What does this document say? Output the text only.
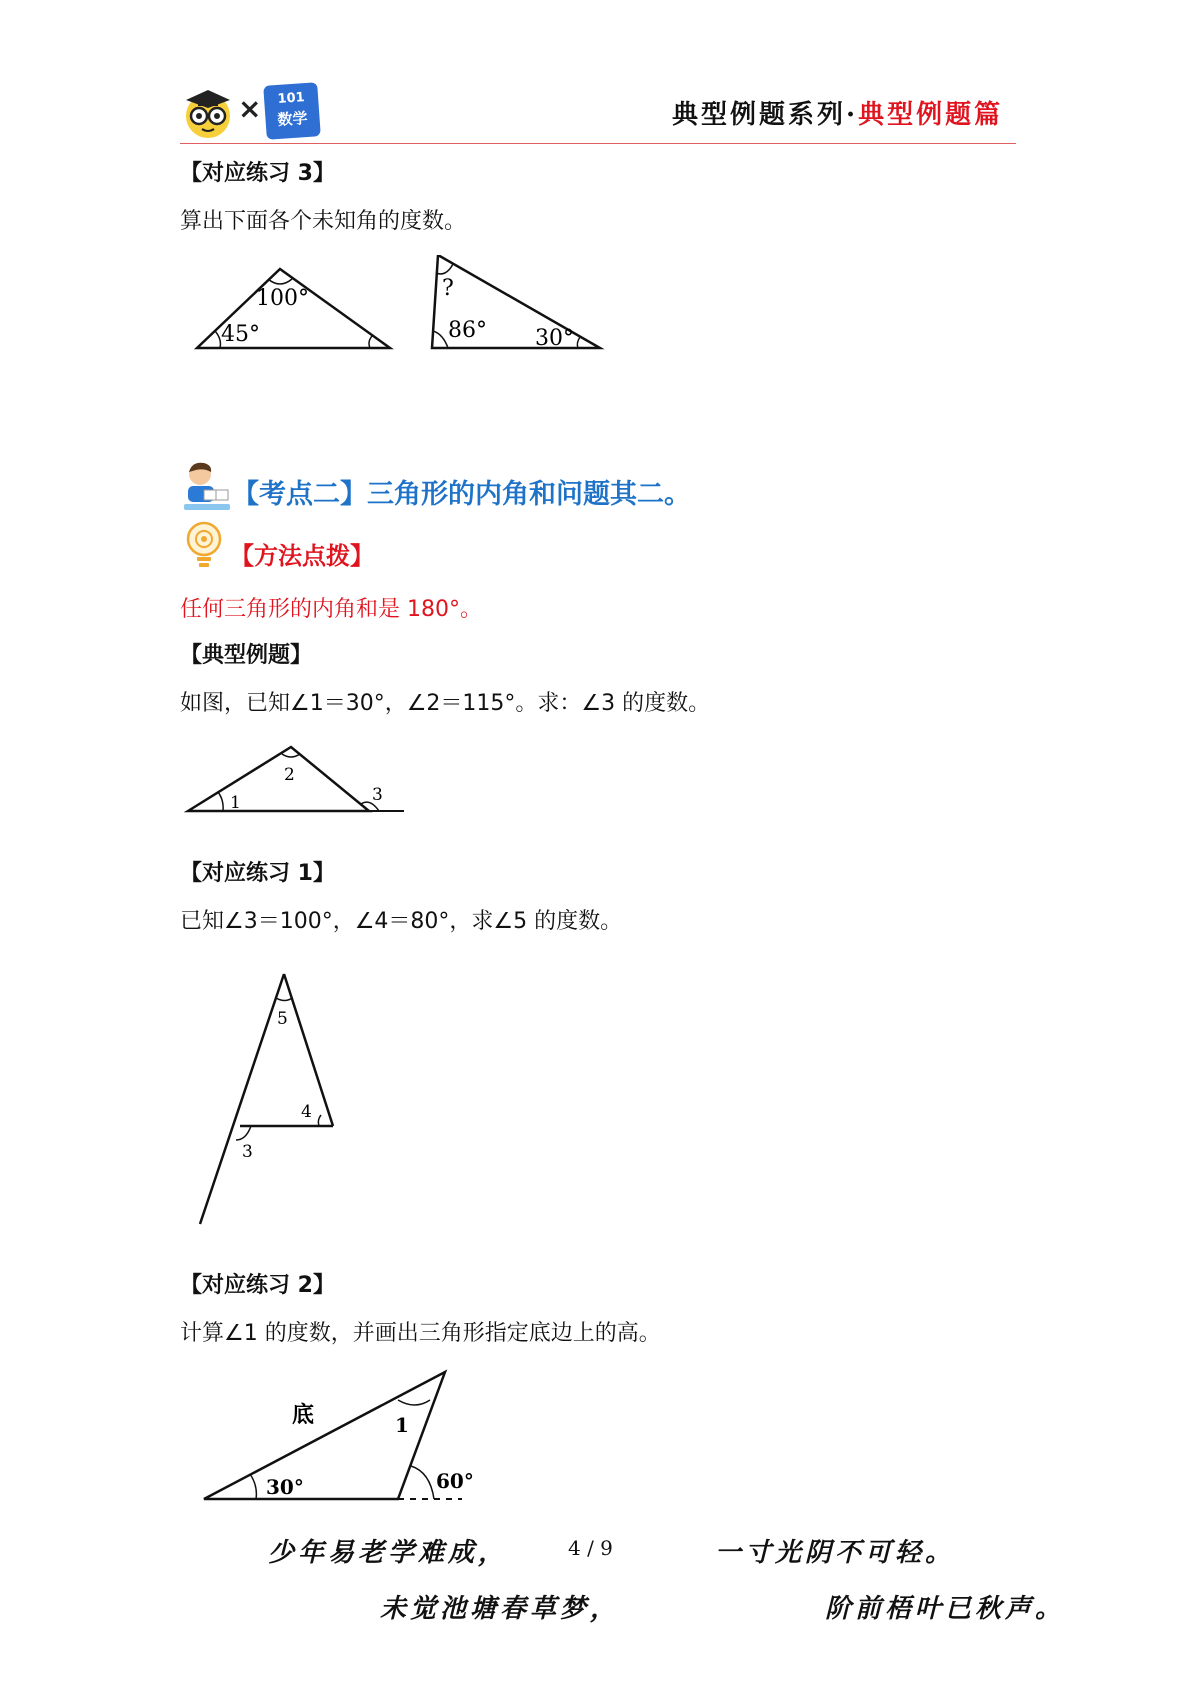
×	101
数学	典型例题系列·典型例题篇
【对应练习 3】
算出下面各个未知角的度数。
100°
45°
?
86° 30°
【考点二】三角形的内角和问题其二。
【方法点拨】
任何三角形的内角和是 180°。
【典型例题】
如图，已知∠1＝30°，∠2＝115°。求：∠3 的度数。
1
2
3
【对应练习 1】
已知∠3＝100°，∠4＝80°，求∠5 的度数。
5
4
3
【对应练习 2】
计算∠1 的度数，并画出三角形指定底边上的高。
底	1
30°	60°
少年易老学难成，	4 / 9	一寸光阴不可轻。
未觉池塘春草梦，	阶前梧叶已秋声。
